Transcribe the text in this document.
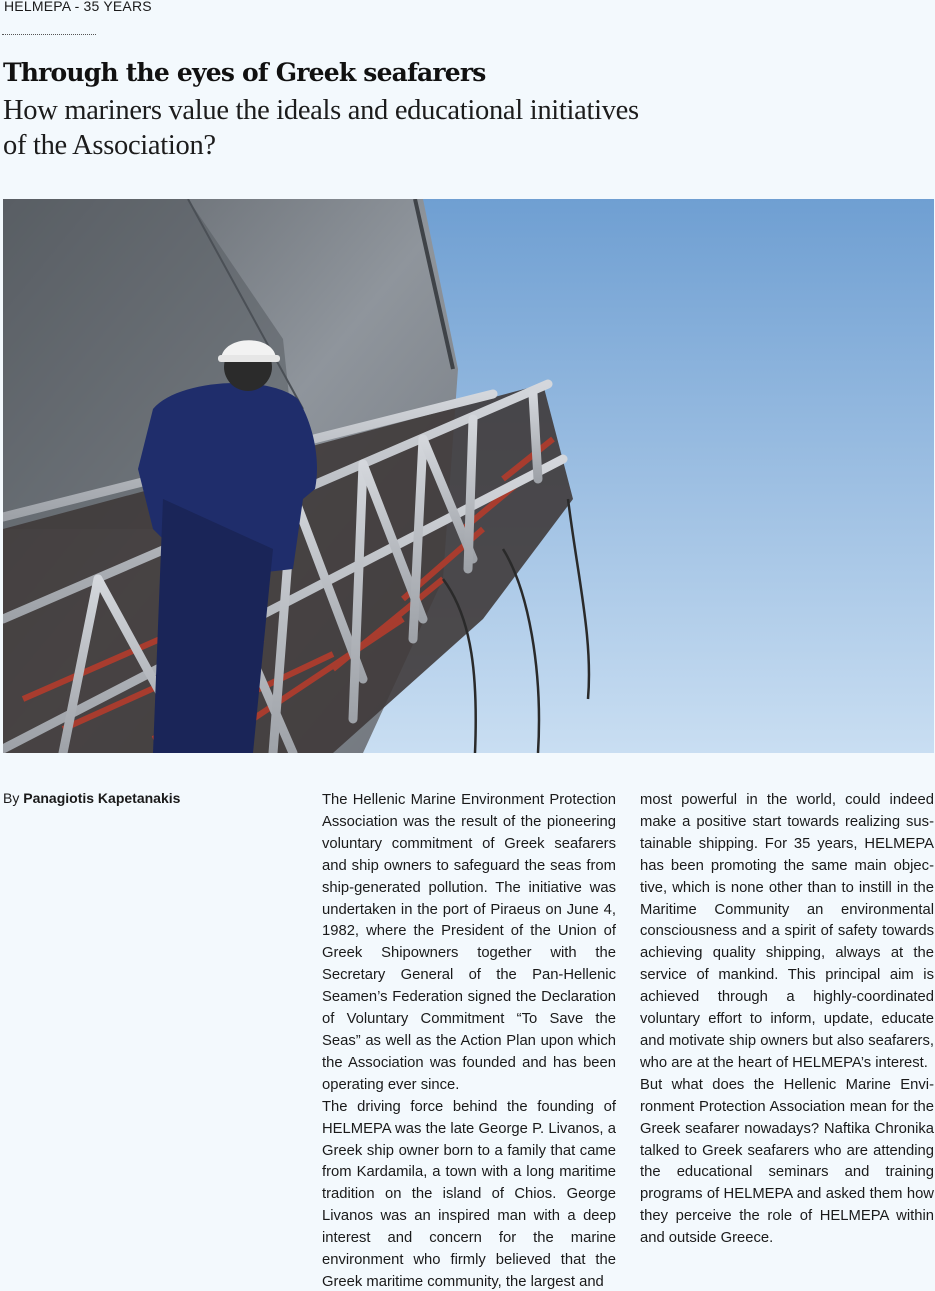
HELMEPA - 35 YEARS
Through the eyes of Greek seafarers
How mariners value the ideals and educational initiatives
of the Association?
By Panagiotis Kapetanakis	The Hellenic Marine Environment Protection Association was the result of the pioneering voluntary commitment of Greek seafarers and ship owners to safeguard the seas from ship-generated pollution. The initiative was undertaken in the port of Piraeus on June 4, 1982, where the President of the Union of Greek Shipowners together with the Secretary General of the Pan-Hellenic Seamen’s Federation signed the Declaration of Voluntary Commitment “To Save the Seas” as well as the Action Plan upon which the Association was founded and has been operating ever since.

The driving force behind the founding of HELMEPA was the late George P. Livanos, a Greek ship owner born to a family that came from Kardamila, a town with a long maritime tradition on the island of Chios. George Livanos was an inspired man with a deep interest and concern for the marine environment who firmly believed that the Greek maritime community, the largest and

most powerful in the world, could indeed make a positive start towards realizing sustainable shipping. For 35 years, HELMEPA has been promoting the same main objective, which is none other than to instill in the Maritime Community an environmental consciousness and a spirit of safety towards achieving quality shipping, always at the service of mankind. This principal aim is achieved through a highly-coordinated voluntary effort to inform, update, educate and motivate ship owners but also seafarers, who are at the heart of HELMEPA’s interest.

But what does the Hellenic Marine Environment Protection Association mean for the Greek seafarer nowadays? Naftika Chronika talked to Greek seafarers who are attending the educational seminars and training programs of HELMEPA and asked them how they perceive the role of HELMEPA within and outside Greece.
